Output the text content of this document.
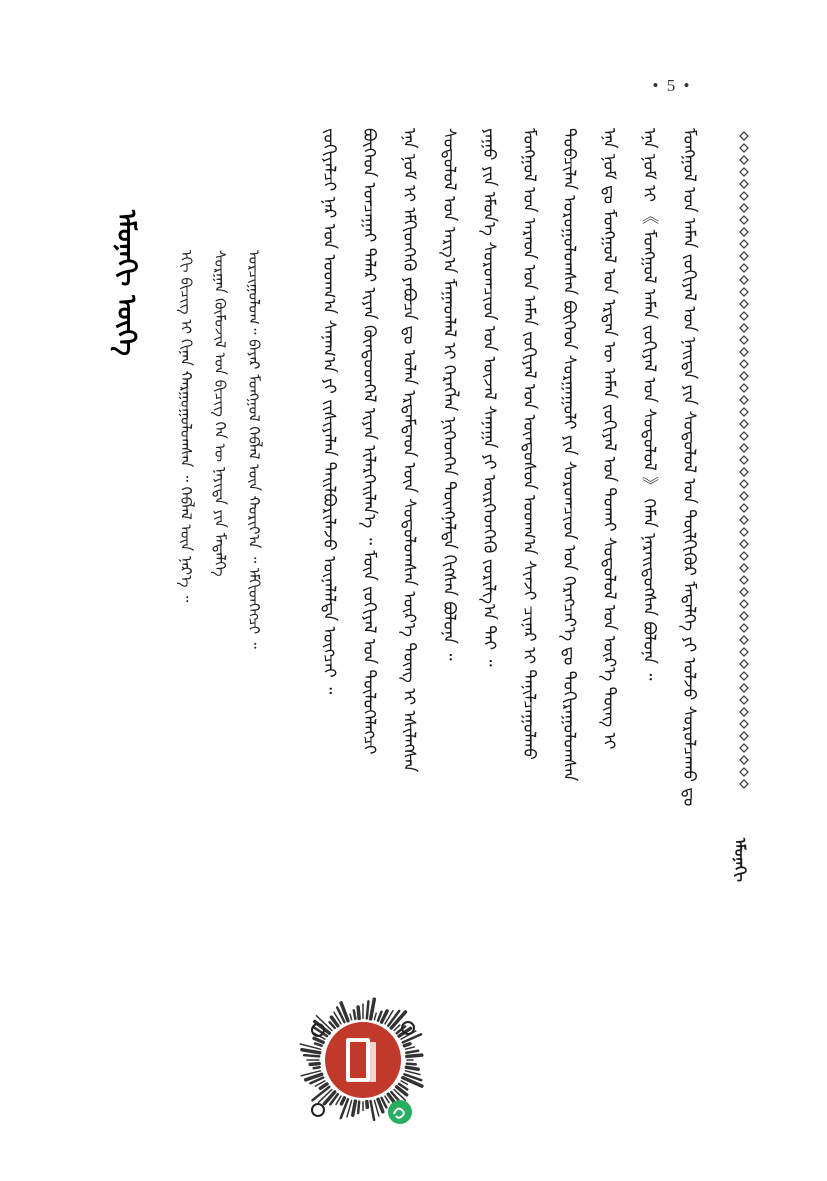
• 5 •
ᠡᠮᠦᠨᠡᠬᠢ
ᠡᠮᠦᠨᠡᠬᠢ ᠦᠭᠡ	ᠮᠣᠩᠭᠣᠯ ᠤᠨ ᠠᠮᠠᠨ ᠵᠣᠬᠢᠶᠠᠯ ᠤᠨ ᠨᠡᠢᠲᠡ ᠶᠢᠨ ᠰᠤᠳᠤᠯᠤᠯ ᠤᠨ ᠲᠦᠯᠬᠢᠭᠦᠷ ᠮᠡᠳᠡᠯᠭᠡ ᠶᠢ ᠣᠯᠵᠤ ᠰᠤᠷᠤᠯᠴᠠᠬᠤ ᠳᠤ
ᠡᠨᠡ ᠨᠣᠮ ᠢ 《 ᠮᠣᠩᠭᠣᠯ ᠠᠮᠠᠨ ᠵᠣᠬᠢᠶᠠᠯ ᠤᠨ ᠰᠤᠳᠤᠯᠤᠯ 》 ᠬᠡᠮᠡᠨ ᠨᠡᠷᠡᠢᠳᠦᠭᠰᠡᠨ ᠪᠣᠯᠤᠨᠠ ᠃
ᠡᠨᠡ ᠨᠣᠮ ᠳᠤ ᠮᠣᠩᠭᠣᠯ ᠤᠨ ᠡᠷᠲᠡᠨ ᠦ ᠠᠮᠠᠨ ᠵᠣᠬᠢᠶᠠᠯ ᠤᠨ ᠲᠤᠬᠠᠢ ᠰᠤᠳᠤᠯᠤᠯ ᠤᠨ ᠦᠷ᠎ᠡ ᠳᠦᠩ ᠢ
ᠲᠣᠪᠴᠢᠯᠠᠨ ᠣᠷᠣᠭᠤᠯᠤᠭᠰᠠᠨ ᠪᠥᠭᠡᠳ ᠰᠤᠷᠭᠠᠭᠤᠯᠢ ᠶᠢᠨ ᠰᠤᠷᠤᠭᠴᠢᠳ ᠤᠨ ᠬᠡᠷᠡᠭᠴᠡᠶ᠎ᠡ ᠳᠤ ᠲᠣᠬᠢᠷᠠᠭᠤᠯᠤᠭᠰᠠᠨ
ᠮᠣᠩᠭᠣᠯ ᠤᠨ ᠠᠷᠠᠳ ᠤᠨ ᠠᠮᠠᠨ ᠵᠣᠬᠢᠶᠠᠯ ᠤᠨ ᠦᠨᠳᠦᠰᠦᠨ ᠤᠳᠬ᠎ᠠ ᠰᠢᠨᠵᠢ ᠴᠢᠨᠠᠷ ᠢ ᠲᠠᠨᠢᠯᠴᠠᠭᠤᠯᠬᠤ
ᠶᠠᠭᠤ ᠶᠢᠨ ᠡᠮᠦᠨ᠎ᠡ ᠰᠤᠷᠤᠭᠴᠢᠳ ᠤᠨ ᠦᠵᠡᠯ ᠰᠠᠨᠠᠭᠠ ᠶᠢ ᠥᠷᠭᠡᠳᠬᠡᠬᠦ ᠵᠣᠷᠢᠯᠭ᠎ᠠ ᠲᠠᠢ ᠃
ᠰᠤᠳᠤᠯᠤᠯ ᠤᠨ ᠠᠷᠭ᠎ᠠ ᠮᠠᠭᠠᠳᠯᠠᠯ ᠢ ᠬᠡᠷᠡᠭᠯᠡᠨ ᠨᠢᠭᠡᠳᠬᠡᠨ ᠳᠦᠩᠨᠡᠯᠲᠡ ᠬᠢᠭᠰᠡᠨ ᠪᠣᠯᠤᠨᠠ ᠃
ᠡᠨᠡ ᠨᠣᠮ ᠢ ᠡᠮᠬᠢᠳᠬᠡᠬᠦ ᠶᠠᠪᠤᠴᠠ ᠳᠤ ᠣᠯᠠᠨ ᠡᠷᠳᠡᠮᠲᠡᠳ ᠦᠨ ᠰᠤᠳᠤᠯᠤᠭᠰᠠᠨ ᠦᠷ᠎ᠡ ᠳᠦᠩ ᠢ ᠡᠰᠢᠯᠡᠭᠰᠡᠨ
ᠪᠥᠭᠡᠳ ᠣᠨᠴᠠᠭᠠᠢ ᠲᠠᠯᠠᠷ ᠢᠶᠠᠨ ᠬᠦᠨᠳᠦᠳᠬᠡᠯ ᠢᠶᠡᠨ ᠢᠯᠡᠷᠬᠡᠢᠯᠡᠨ᠎ᠡ ᠃ ᠮᠥᠨ ᠵᠣᠬᠢᠶᠠᠯ ᠤᠨ ᠲᠥᠯᠦᠭᠡᠯᠡᠭᠴᠢ
ᠵᠣᠬᠢᠶᠠᠯᠴᠢ ᠨᠠᠷ ᠤᠨ ᠤᠳᠬ᠎ᠠ ᠰᠠᠨᠠᠭ᠎ᠠ ᠶᠢ ᠵᠢᠱᠢᠶᠡᠯᠡᠨ ᠲᠠᠢᠯᠪᠤᠷᠢᠯᠠᠵᠤ ᠦᠨᠡᠯᠡᠯᠲᠡ ᠥᠭᠴᠡᠢ ᠃
ᠣᠷᠴᠢᠭᠤᠯᠤᠭ᠃ ᠪᠠᠶᠠᠷ ᠮᠣᠩᠭᠣᠯ ᠬᠡᠪᠯᠡᠯ ᠦᠨ ᠬᠣᠷᠢᠶ᠎ᠠ ᠃ ᠡᠮᠬᠢᠳᠬᠡᠭᠴᠢ ᠃
ᠰᠤᠷᠭᠠᠨ ᠬᠦᠮᠦᠵᠢᠯ ᠤᠨ ᠪᠢᠴᠢᠭ ᠭᠡᠨ ᠦ ᠨᠡᠶᠢᠲᠡ ᠶᠢᠨ ᠮᠡᠳᠡᠯᠭᠡ
ᠡᠬᠢ ᠪᠢᠴᠢᠭ ᠢ ᠬᠢᠨᠠᠨ ᠬᠠᠷᠭᠤᠭᠤᠯᠤᠭᠰᠠᠨ ᠃ ᠬᠡᠪᠯᠡᠯ ᠦᠨ ᠨᠡᠷ᠎ᠡ ᠃
